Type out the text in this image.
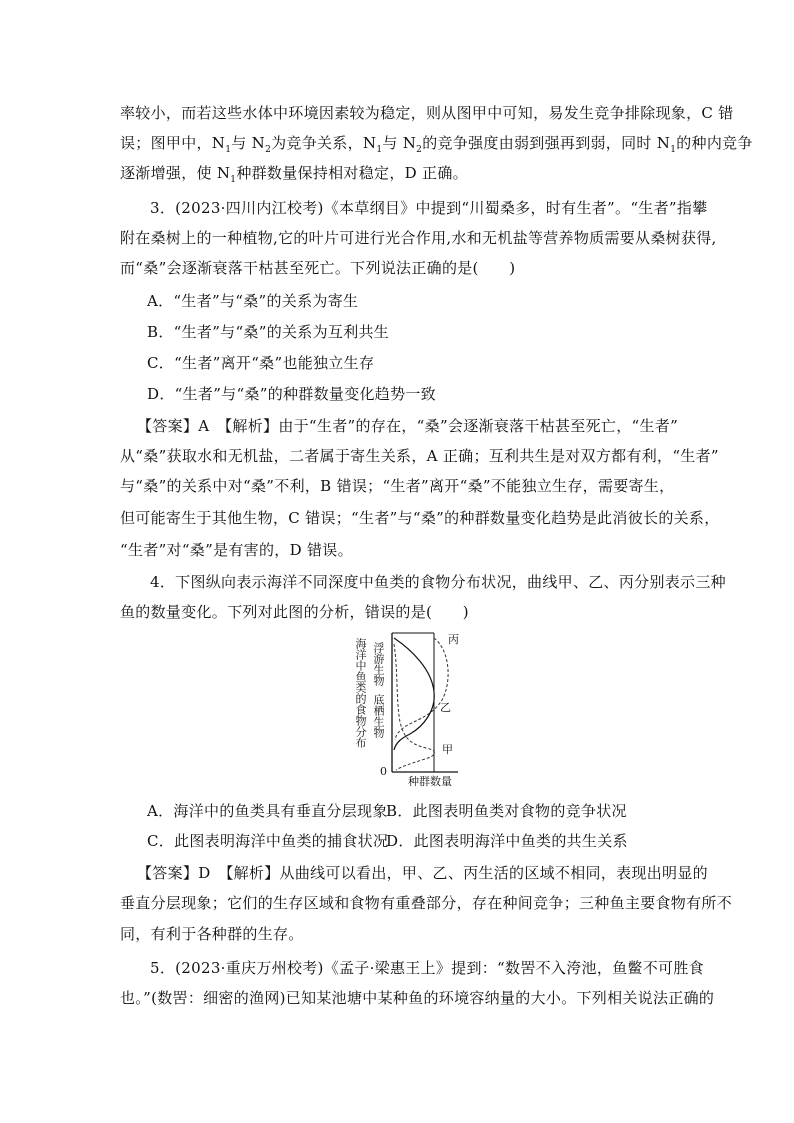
率较小，而若这些水体中环境因素较为稳定，则从图甲中可知，易发生竞争排除现象，C 错
误；图甲中，$N_1$与 $N_2$为竞争关系，$N_1$与 $N_2$的竞争强度由弱到强再到弱，同时 $N_1$的种内竞争
逐渐增强，使 $N_1$种群数量保持相对稳定，D 正确。
3．(2023·四川内江校考)《本草纲目》中提到“川蜀桑多，时有生者”。“生者”指攀
附在桑树上的一种植物,它的叶片可进行光合作用,水和无机盐等营养物质需要从桑树获得,
而“桑”会逐渐衰落干枯甚至死亡。下列说法正确的是(　　)
A．“生者”与“桑”的关系为寄生
B．“生者”与“桑”的关系为互利共生
C．“生者”离开“桑”也能独立生存
D．“生者”与“桑”的种群数量变化趋势一致
【答案】A　【解析】由于“生者”的存在，“桑”会逐渐衰落干枯甚至死亡，“生者”
从“桑”获取水和无机盐，二者属于寄生关系，A 正确；互利共生是对双方都有利，“生者”
与“桑”的关系中对“桑”不利，B 错误；“生者”离开“桑”不能独立生存，需要寄生，
但可能寄生于其他生物，C 错误；“生者”与“桑”的种群数量变化趋势是此消彼长的关系，
“生者”对“桑”是有害的，D 错误。
4．下图纵向表示海洋不同深度中鱼类的食物分布状况，曲线甲、乙、丙分别表示三种
鱼的数量变化。下列对此图的分析，错误的是(　　)
海洋中鱼类的食物分布 浮游生物
底栖生物
0
种群数量
丙
乙
甲
A．海洋中的鱼类具有垂直分层现象
B．此图表明鱼类对食物的竞争状况
C．此图表明海洋中鱼类的捕食状况
D．此图表明海洋中鱼类的共生关系
【答案】D　【解析】从曲线可以看出，甲、乙、丙生活的区域不相同，表现出明显的
垂直分层现象；它们的生存区域和食物有重叠部分，存在种间竞争；三种鱼主要食物有所不
同，有利于各种群的生存。
5．(2023·重庆万州校考)《孟子·梁惠王上》提到：“数罟不入洿池，鱼鳖不可胜食
也。”(数罟：细密的渔网)已知某池塘中某种鱼的环境容纳量的大小。下列相关说法正确的
